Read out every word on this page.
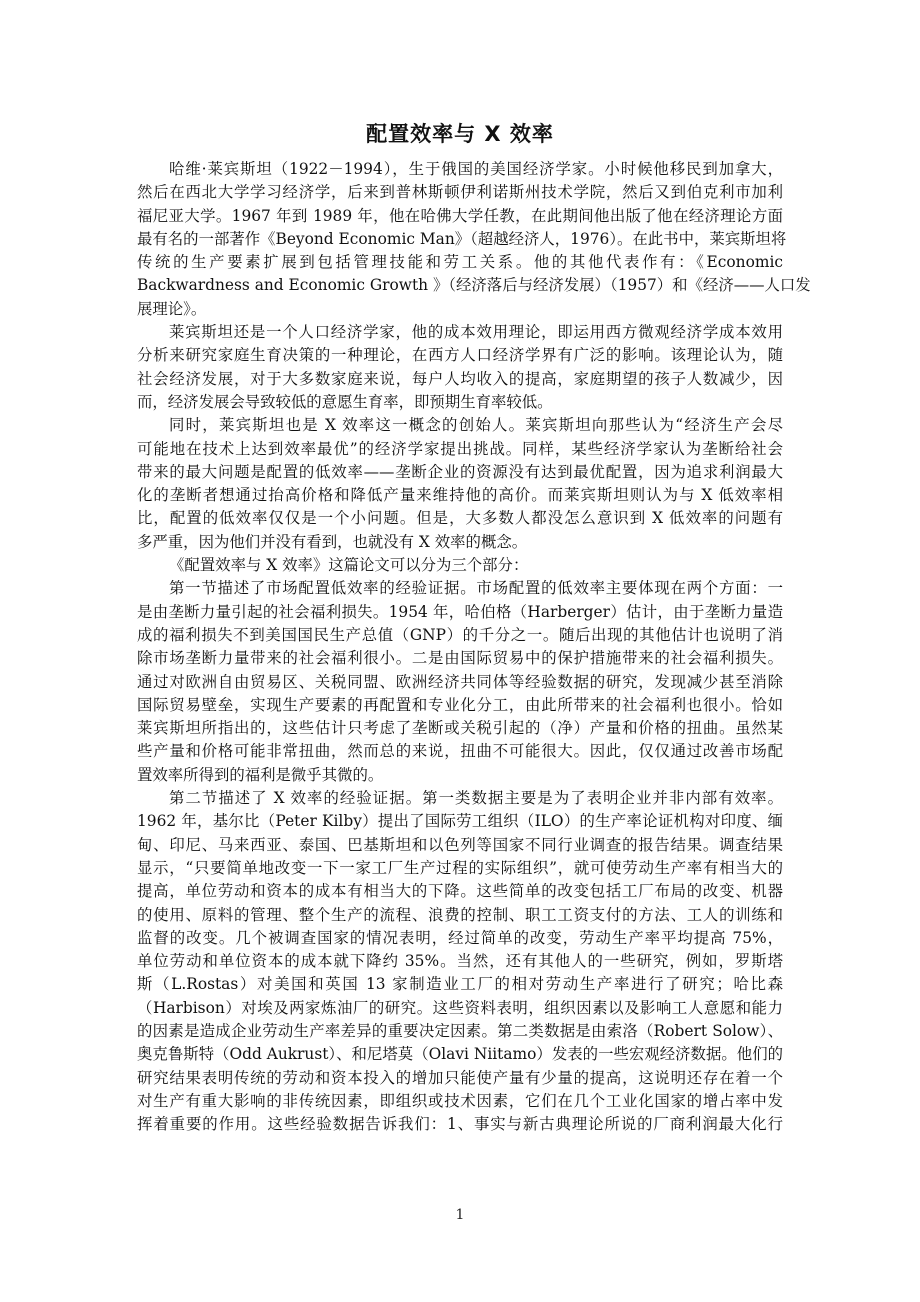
配置效率与 X 效率
哈维·莱宾斯坦（1922－1994），生于俄国的美国经济学家。小时候他移民到加拿大，
然后在西北大学学习经济学，后来到普林斯顿伊利诺斯州技术学院，然后又到伯克利市加利
福尼亚大学。1967 年到 1989 年，他在哈佛大学任教，在此期间他出版了他在经济理论方面
最有名的一部著作《Beyond Economic Man》（超越经济人，1976）。在此书中，莱宾斯坦将
传统的生产要素扩展到包括管理技能和劳工关系。他的其他代表作有：《Economic
Backwardness and Economic Growth 》（经济落后与经济发展）（1957）和《经济——人口发
展理论》。
莱宾斯坦还是一个人口经济学家，他的成本效用理论，即运用西方微观经济学成本效用
分析来研究家庭生育决策的一种理论，在西方人口经济学界有广泛的影响。该理论认为，随
社会经济发展，对于大多数家庭来说，每户人均收入的提高，家庭期望的孩子人数减少，因
而，经济发展会导致较低的意愿生育率，即预期生育率较低。
同时，莱宾斯坦也是 X 效率这一概念的创始人。莱宾斯坦向那些认为“经济生产会尽
可能地在技术上达到效率最优”的经济学家提出挑战。同样，某些经济学家认为垄断给社会
带来的最大问题是配置的低效率——垄断企业的资源没有达到最优配置，因为追求利润最大
化的垄断者想通过抬高价格和降低产量来维持他的高价。而莱宾斯坦则认为与 X 低效率相
比，配置的低效率仅仅是一个小问题。但是，大多数人都没怎么意识到 X 低效率的问题有
多严重，因为他们并没有看到，也就没有 X 效率的概念。
《配置效率与 X 效率》这篇论文可以分为三个部分：
第一节描述了市场配置低效率的经验证据。市场配置的低效率主要体现在两个方面：一
是由垄断力量引起的社会福利损失。1954 年，哈伯格（Harberger）估计，由于垄断力量造
成的福利损失不到美国国民生产总值（GNP）的千分之一。随后出现的其他估计也说明了消
除市场垄断力量带来的社会福利很小。二是由国际贸易中的保护措施带来的社会福利损失。
通过对欧洲自由贸易区、关税同盟、欧洲经济共同体等经验数据的研究，发现减少甚至消除
国际贸易壁垒，实现生产要素的再配置和专业化分工，由此所带来的社会福利也很小。恰如
莱宾斯坦所指出的，这些估计只考虑了垄断或关税引起的（净）产量和价格的扭曲。虽然某
些产量和价格可能非常扭曲，然而总的来说，扭曲不可能很大。因此，仅仅通过改善市场配
置效率所得到的福利是微乎其微的。
第二节描述了 X 效率的经验证据。第一类数据主要是为了表明企业并非内部有效率。
1962 年，基尔比（Peter Kilby）提出了国际劳工组织（ILO）的生产率论证机构对印度、缅
甸、印尼、马来西亚、泰国、巴基斯坦和以色列等国家不同行业调查的报告结果。调查结果
显示，“只要简单地改变一下一家工厂生产过程的实际组织”，就可使劳动生产率有相当大的
提高，单位劳动和资本的成本有相当大的下降。这些简单的改变包括工厂布局的改变、机器
的使用、原料的管理、整个生产的流程、浪费的控制、职工工资支付的方法、工人的训练和
监督的改变。几个被调查国家的情况表明，经过简单的改变，劳动生产率平均提高 75%，
单位劳动和单位资本的成本就下降约 35%。当然，还有其他人的一些研究，例如，罗斯塔
斯（L.Rostas）对美国和英国 13 家制造业工厂的相对劳动生产率进行了研究；哈比森
（Harbison）对埃及两家炼油厂的研究。这些资料表明，组织因素以及影响工人意愿和能力
的因素是造成企业劳动生产率差异的重要决定因素。第二类数据是由索洛（Robert Solow）、
奥克鲁斯特（Odd Aukrust）、和尼塔莫（Olavi Niitamo）发表的一些宏观经济数据。他们的
研究结果表明传统的劳动和资本投入的增加只能使产量有少量的提高，这说明还存在着一个
对生产有重大影响的非传统因素，即组织或技术因素，它们在几个工业化国家的增占率中发
挥着重要的作用。这些经验数据告诉我们：1、事实与新古典理论所说的厂商利润最大化行
1
